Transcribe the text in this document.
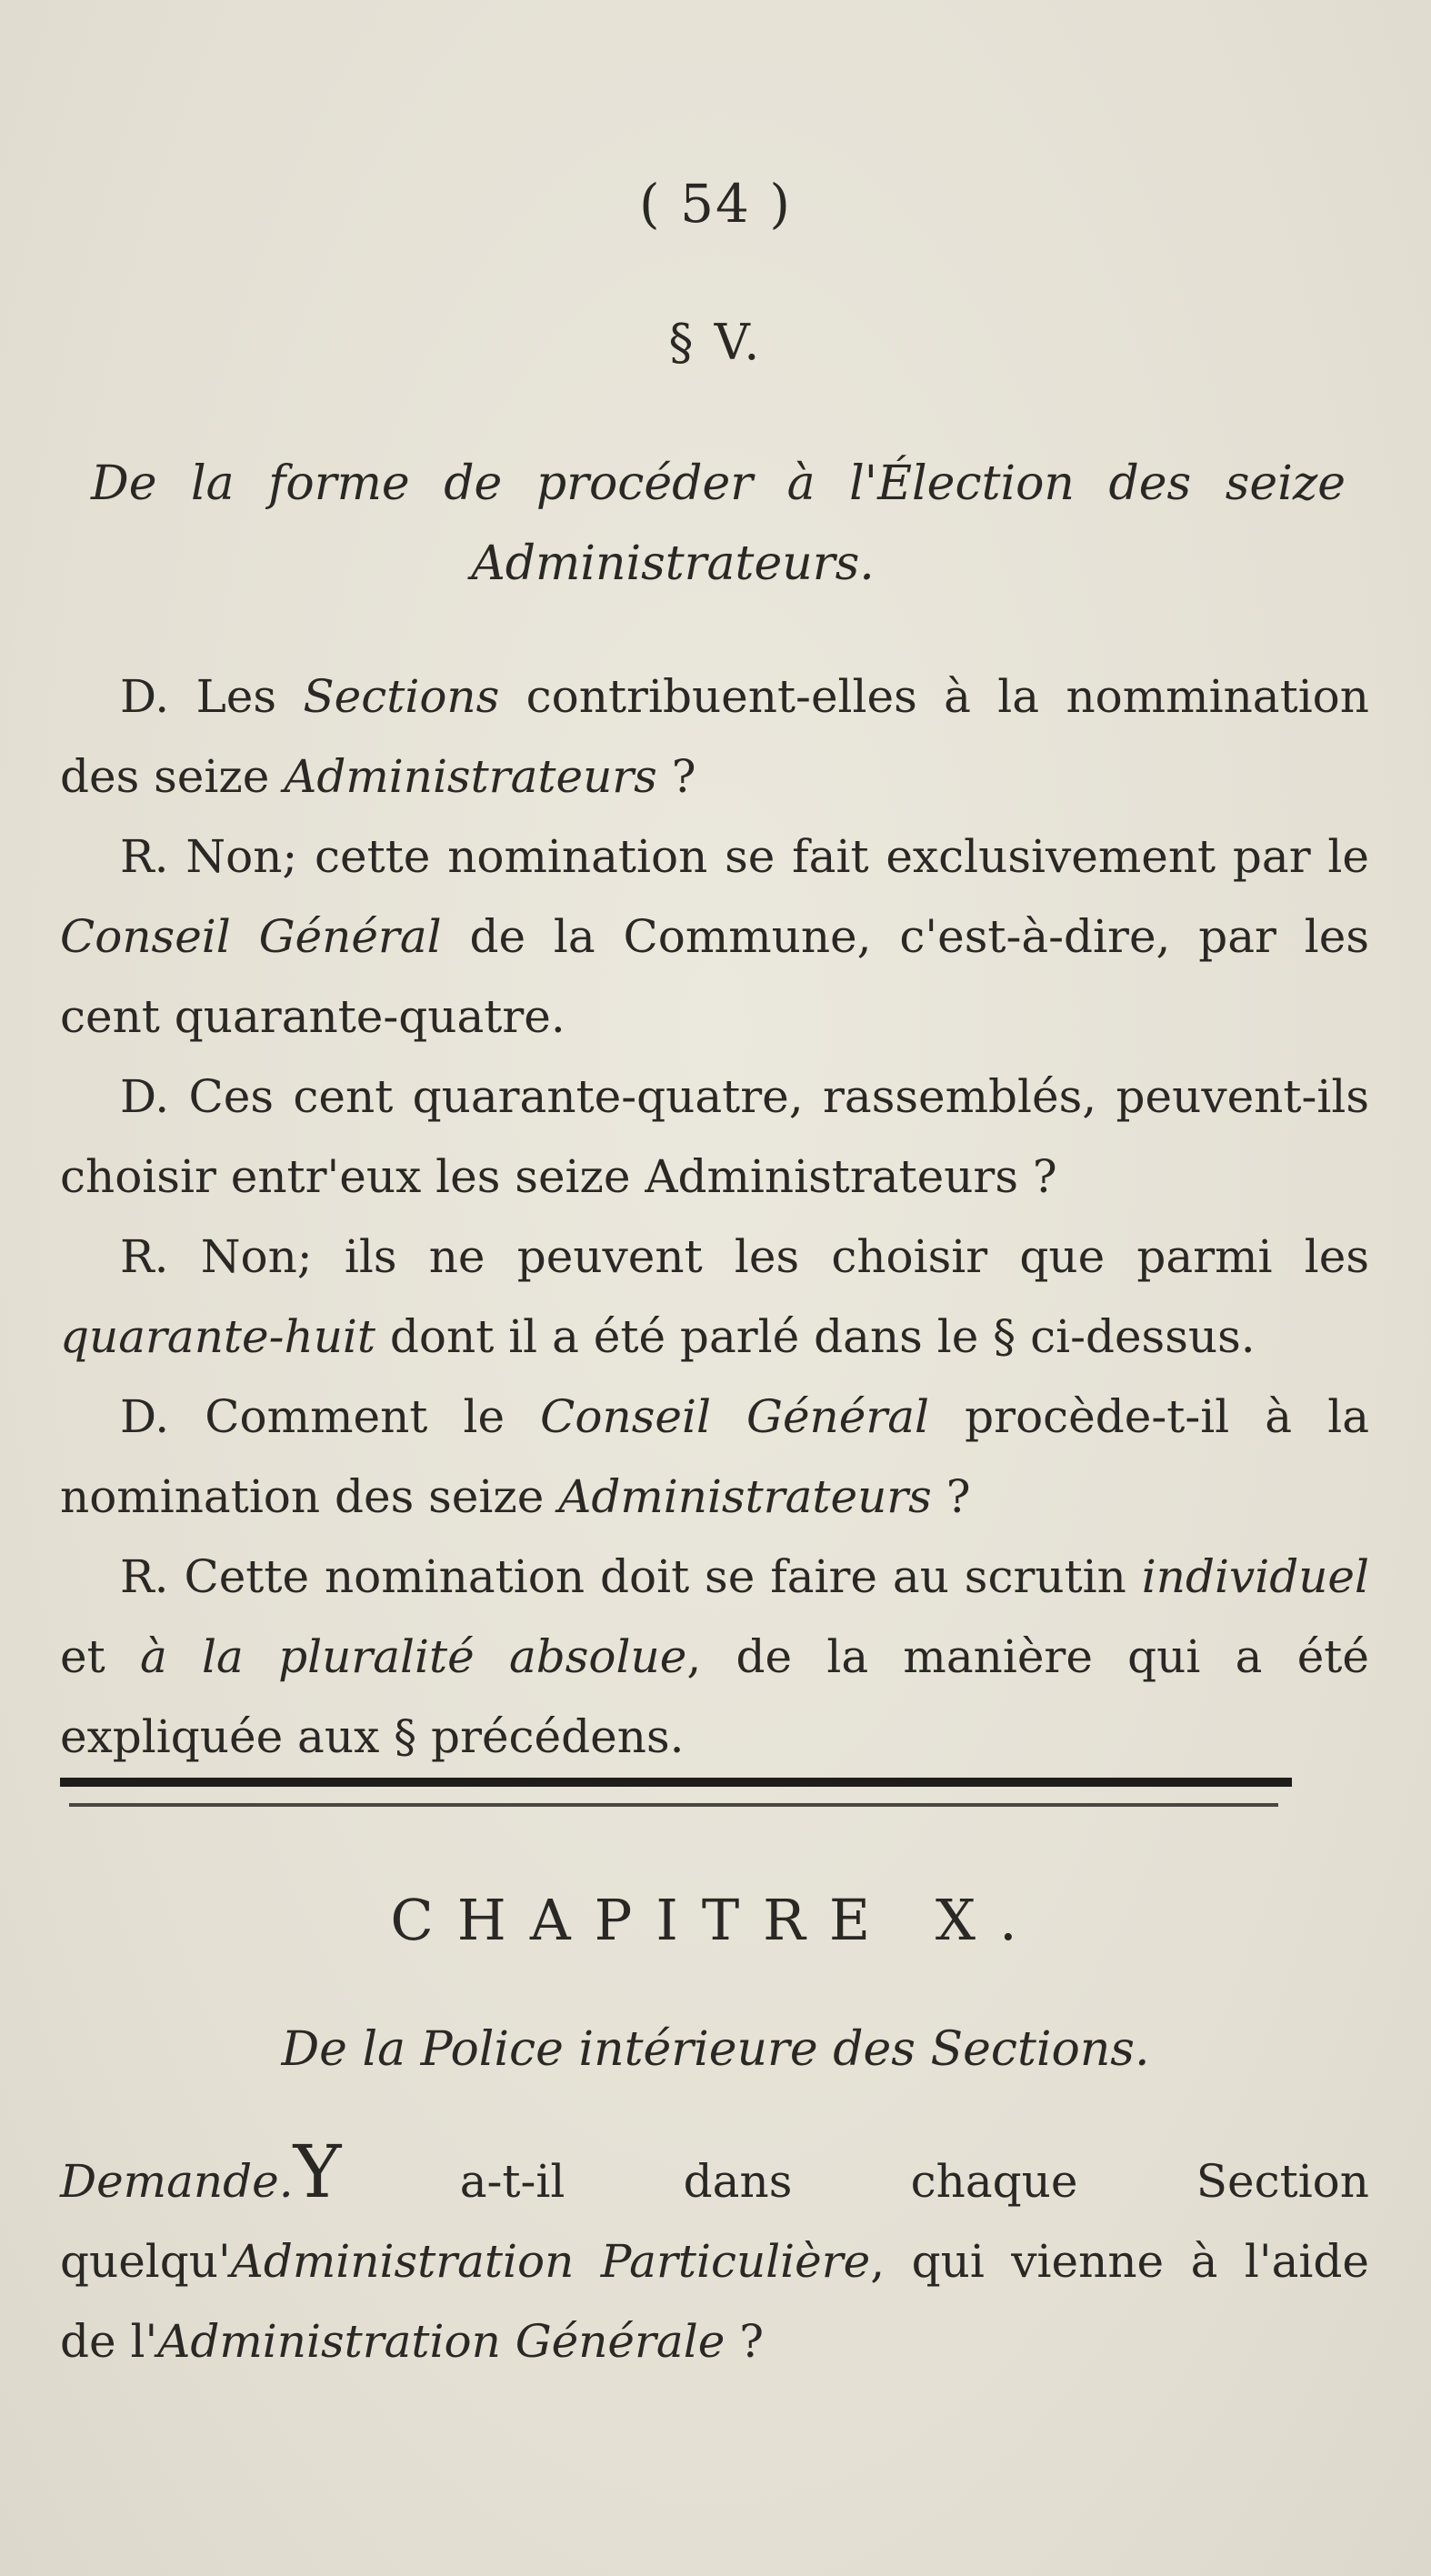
( 54 )
§ V.
De la forme de procéder à l'Élection des seize
Administrateurs.

D. Les Sections contribuent-elles à la nommination des seize Administrateurs ?

R. Non; cette nomination se fait exclusivement par le Conseil Général de la Commune, c'est-à-dire, par les cent quarante-quatre.

D. Ces cent quarante-quatre, rassemblés, peuvent-ils choisir entr'eux les seize Administrateurs ?

R. Non; ils ne peuvent les choisir que parmi les quarante-huit dont il a été parlé dans le § ci-dessus.

D. Comment le Conseil Général procède-t-il à la nomination des seize Administrateurs ?

R. Cette nomination doit se faire au scrutin individuel et à la pluralité absolue, de la manière qui a été expliquée aux § précédens.

CHAPITRE X.
De la Police intérieure des Sections.

Demande.Y a-t-il dans chaque Section quelqu'Administration Particulière, qui vienne à l'aide de l'Administration Générale ?
